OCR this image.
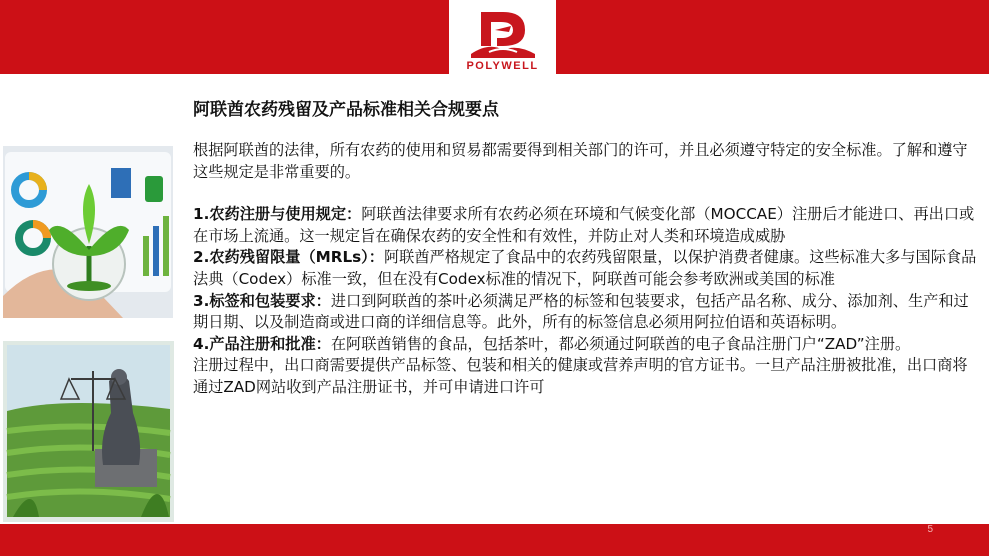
POLYWELL
阿联酋农药残留及产品标准相关合规要点

根据阿联酋的法律，所有农药的使用和贸易都需要得到相关部门的许可，并且必须遵守特定的安全标准。了解和遵守这些规定是非常重要的。

1.农药注册与使用规定：阿联酋法律要求所有农药必须在环境和气候变化部（MOCCAE）注册后才能进口、再出口或在市场上流通。这一规定旨在确保农药的安全性和有效性，并防止对人类和环境造成威胁

2.农药残留限量（MRLs）：阿联酋严格规定了食品中的农药残留限量，以保护消费者健康。这些标准大多与国际食品法典（Codex）标准一致，但在没有Codex标准的情况下，阿联酋可能会参考欧洲或美国的标准

3.标签和包装要求：进口到阿联酋的茶叶必须满足严格的标签和包装要求，包括产品名称、成分、添加剂、生产和过期日期、以及制造商或进口商的详细信息等。此外，所有的标签信息必须用阿拉伯语和英语标明。

4.产品注册和批准：在阿联酋销售的食品，包括茶叶，都必须通过阿联酋的电子食品注册门户“ZAD”注册。

注册过程中，出口商需要提供产品标签、包装和相关的健康或营养声明的官方证书。一旦产品注册被批准，出口商将通过ZAD网站收到产品注册证书，并可申请进口许可

5
